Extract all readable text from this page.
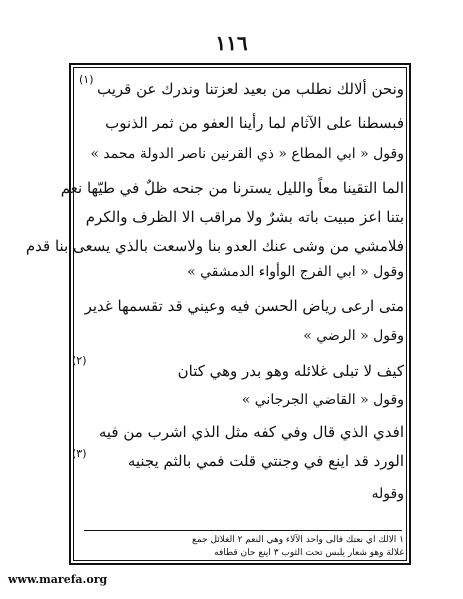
١١٦
ونحن ألالك نطلب من بعيد لعزتنا وندرك عن قريب
فبسطنا على الآثام لما رأينا العفو من ثمر الذنوب
وقول « ابي المطاع « ذي القرنين ناصر الدولة محمد »
الما التقينا معاً والليل يسترنا من جنحه ظلٌ في طيّها نعم
بتنا اعز مبيت باته بشرٌ ولا مراقب الا الظرف والكرم
فلامشي من وشى عنك العدو بنا ولاسعت بالذي يسعى بنا قدم
وقول « ابي الفرج الوأواء الدمشقي »
متى ارعى رياض الحسن فيه وعيني قد تقسمها غدير
وقول « الرضي »
كيف لا تبلى غلائله وهو بدر وهي كتان
وقول « القاضي الجرجاني »
افدي الذي قال وفي كفه مثل الذي اشرب من فيه
الورد قد اينع في وجنتي قلت فمي بالثم يجنيه
وقوله
(١)
(٢)
(٣)
١ الالك اي نعتك فالى واحد الآلاء وهي النعم ٢ الغلائل جمع
غلالة وهو شعار يلبس تحت الثوب ٣ اينع حان قطافه
www.marefa.org
